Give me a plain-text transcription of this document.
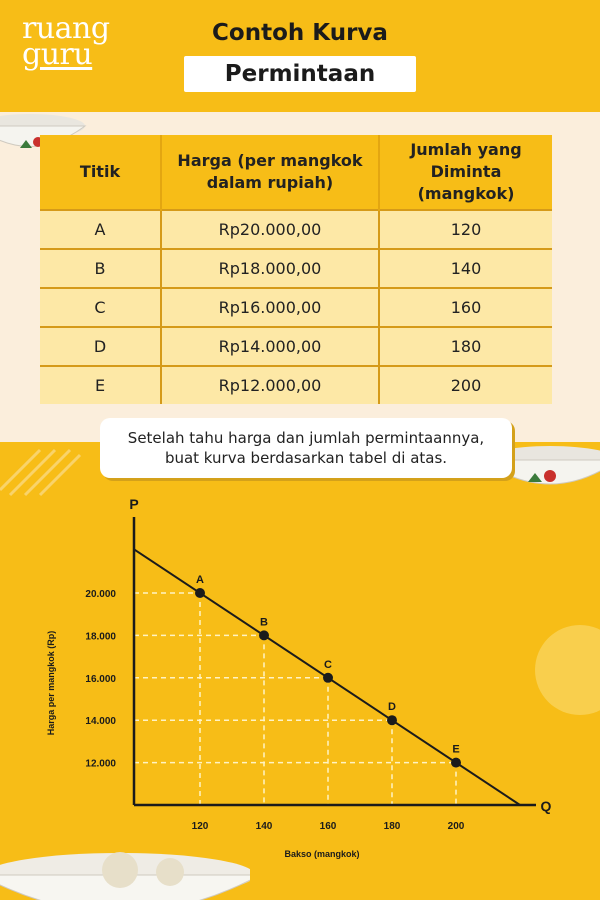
ruang
guru
Contoh Kurva
Permintaan
Titik	Harga (per mangkok dalam rupiah)	Jumlah yang Diminta (mangkok)
A	Rp20.000,00	120
B	Rp18.000,00	140
C	Rp16.000,00	160
D	Rp14.000,00	180
E	Rp12.000,00	200
Setelah tahu harga dan jumlah permintaannya,
buat kurva berdasarkan tabel di atas.
P
Q
A
B
C
D
E
120	140	160	180	200
12.000
14.000
16.000
18.000
20.000
Bakso (mangkok)
Harga per mangkok (Rp)
